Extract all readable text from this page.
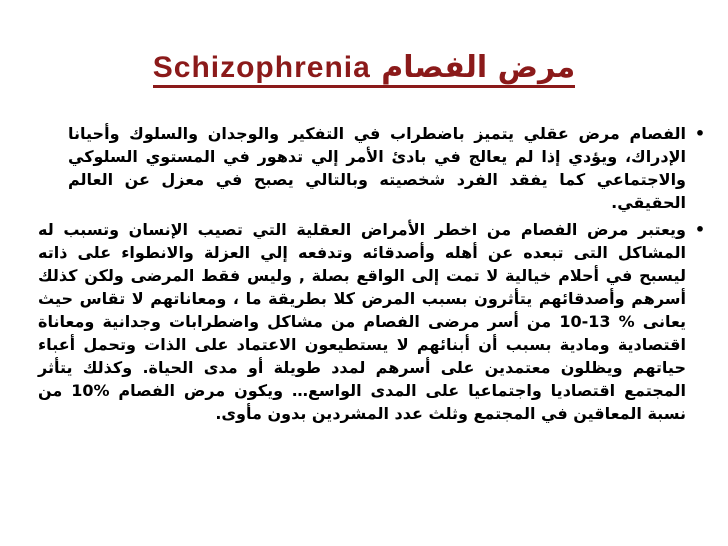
مرض الفصام Schizophrenia
•
الفصام مرض عقلي يتميز باضطراب في التفكير والوجدان والسلوك وأحيانا الإدراك، ويؤدي إذا لم يعالج في بادئ الأمر إلي تدهور في المستوي السلوكي والاجتماعي كما يفقد الفرد شخصيته وبالتالي يصبح في معزل عن العالم الحقيقي.
•
ويعتبر مرض الفصام من اخطر الأمراض العقلية التي تصيب الإنسان وتسبب له المشاكل التى تبعده عن أهله وأصدقائه وتدفعه إلي العزلة والانطواء على ذاته ليسبح في أحلام خيالية لا تمت إلى الواقع بصلة , وليس فقط المرضى ولكن كذلك أسرهم وأصدقائهم يتأثرون بسبب المرض كلا بطريقة ما ، ومعاناتهم لا تقاس حيث يعانى 10-13 % من أسر مرضى الفصام من مشاكل واضطرابات وجدانية ومعاناة اقتصادية ومادية بسبب أن أبنائهم لا يستطيعون الاعتماد على الذات وتحمل أعباء حياتهم ويظلون معتمدين على أسرهم لمدد طويلة أو مدى الحياة. وكذلك يتأثر المجتمع اقتصاديا واجتماعيا على المدى الواسع… ويكون مرض الفصام 10% من نسبة المعاقين في المجتمع وثلث عدد المشردين بدون مأوى.
